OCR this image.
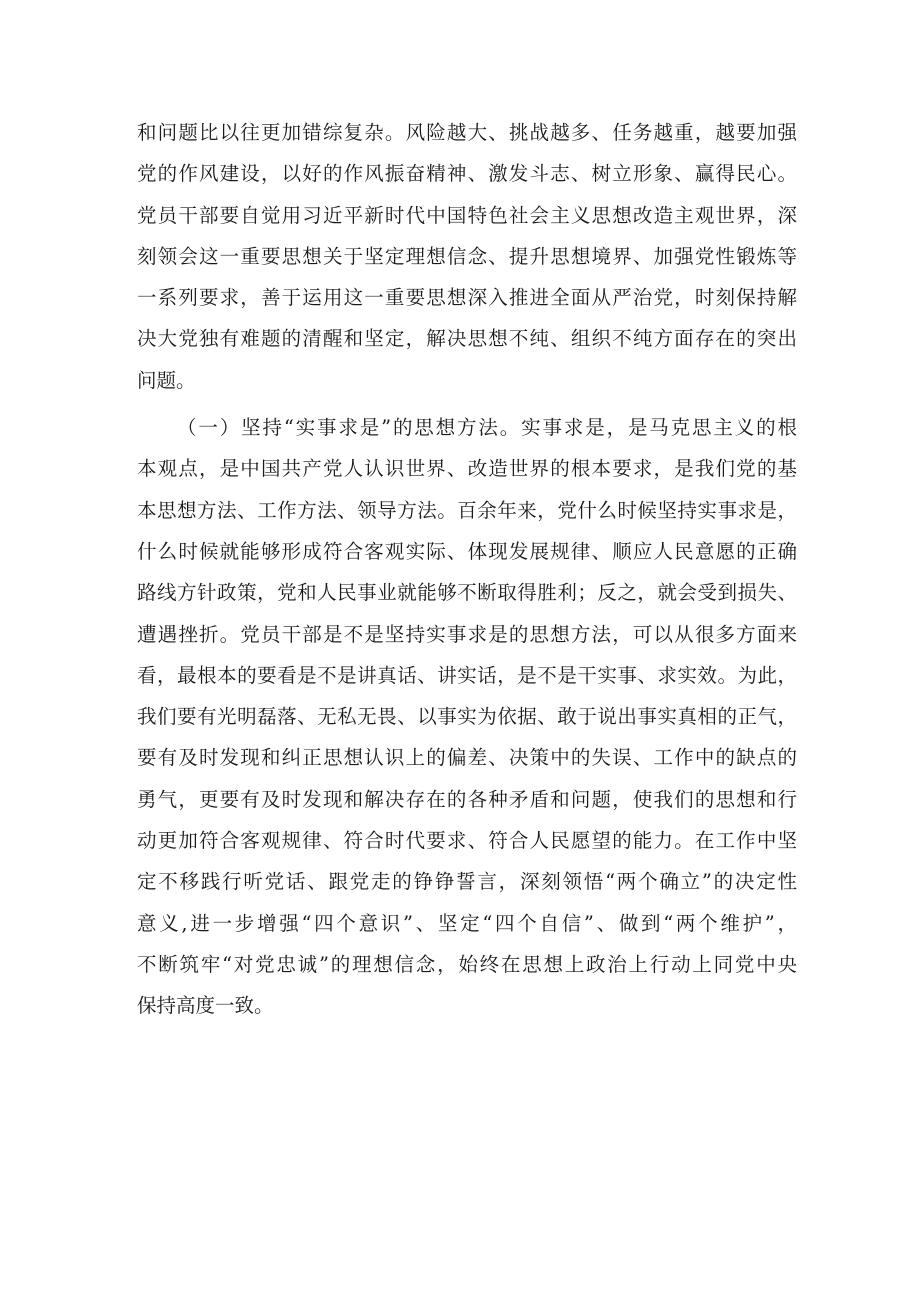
和问题比以往更加错综复杂。风险越大、挑战越多、任务越重，越要加强
党的作风建设，以好的作风振奋精神、激发斗志、树立形象、赢得民心。
党员干部要自觉用习近平新时代中国特色社会主义思想改造主观世界，深
刻领会这一重要思想关于坚定理想信念、提升思想境界、加强党性锻炼等
一系列要求，善于运用这一重要思想深入推进全面从严治党，时刻保持解
决大党独有难题的清醒和坚定，解决思想不纯、组织不纯方面存在的突出
问题。
（一）坚持“实事求是”的思想方法。实事求是，是马克思主义的根
本观点，是中国共产党人认识世界、改造世界的根本要求，是我们党的基
本思想方法、工作方法、领导方法。百余年来，党什么时候坚持实事求是，
什么时候就能够形成符合客观实际、体现发展规律、顺应人民意愿的正确
路线方针政策，党和人民事业就能够不断取得胜利；反之，就会受到损失、
遭遇挫折。党员干部是不是坚持实事求是的思想方法，可以从很多方面来
看，最根本的要看是不是讲真话、讲实话，是不是干实事、求实效。为此，
我们要有光明磊落、无私无畏、以事实为依据、敢于说出事实真相的正气，
要有及时发现和纠正思想认识上的偏差、决策中的失误、工作中的缺点的
勇气，更要有及时发现和解决存在的各种矛盾和问题，使我们的思想和行
动更加符合客观规律、符合时代要求、符合人民愿望的能力。在工作中坚
定不移践行听党话、跟党走的铮铮誓言，深刻领悟“两个确立”的决定性
意义,进一步增强“四个意识”、坚定“四个自信”、做到“两个维护”，
不断筑牢“对党忠诚”的理想信念，始终在思想上政治上行动上同党中央
保持高度一致。
